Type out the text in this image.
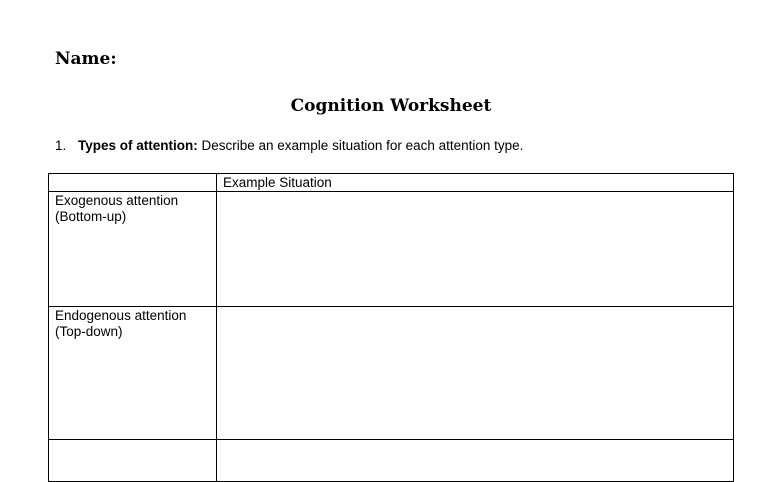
Name:
Cognition Worksheet
1. Types of attention: Describe an example situation for each attention type.
	Example Situation

Exogenous attention
(Bottom-up)	

Endogenous attention
(Top-down)	
